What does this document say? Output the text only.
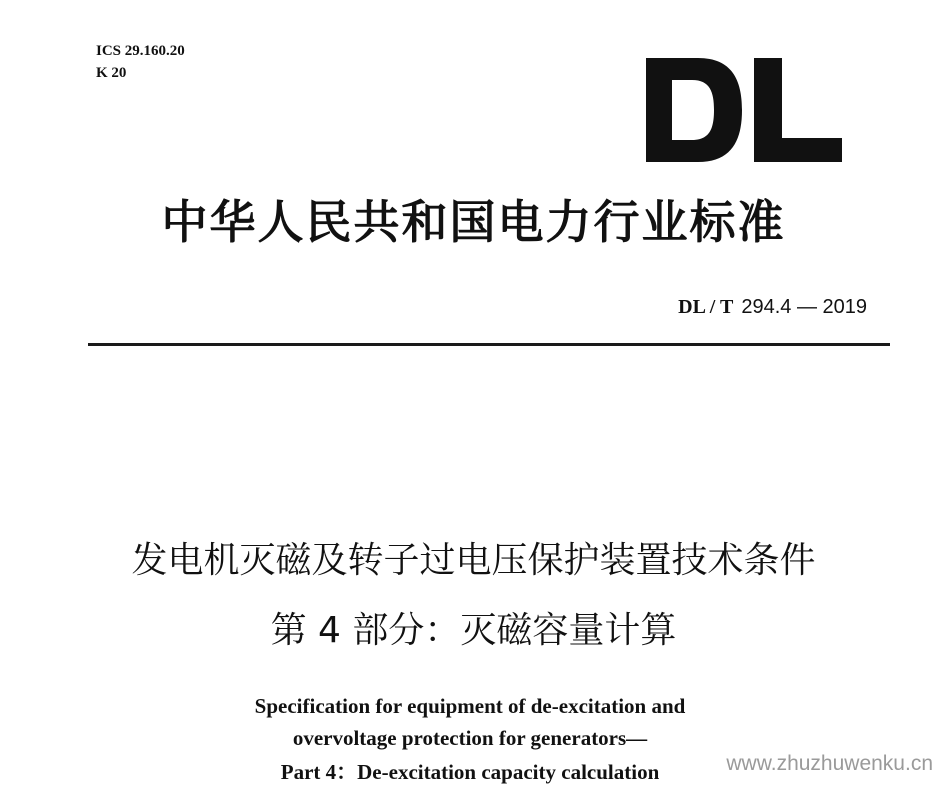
ICS 29.160.20
K 20
中华人民共和国电力行业标准
DL / T 294.4 — 2019
发电机灭磁及转子过电压保护装置技术条件
第 4 部分：灭磁容量计算
Specification for equipment of de-excitation and
overvoltage protection for generators—
Part 4：De-excitation capacity calculation	www.zhuzhuwenku.cn
